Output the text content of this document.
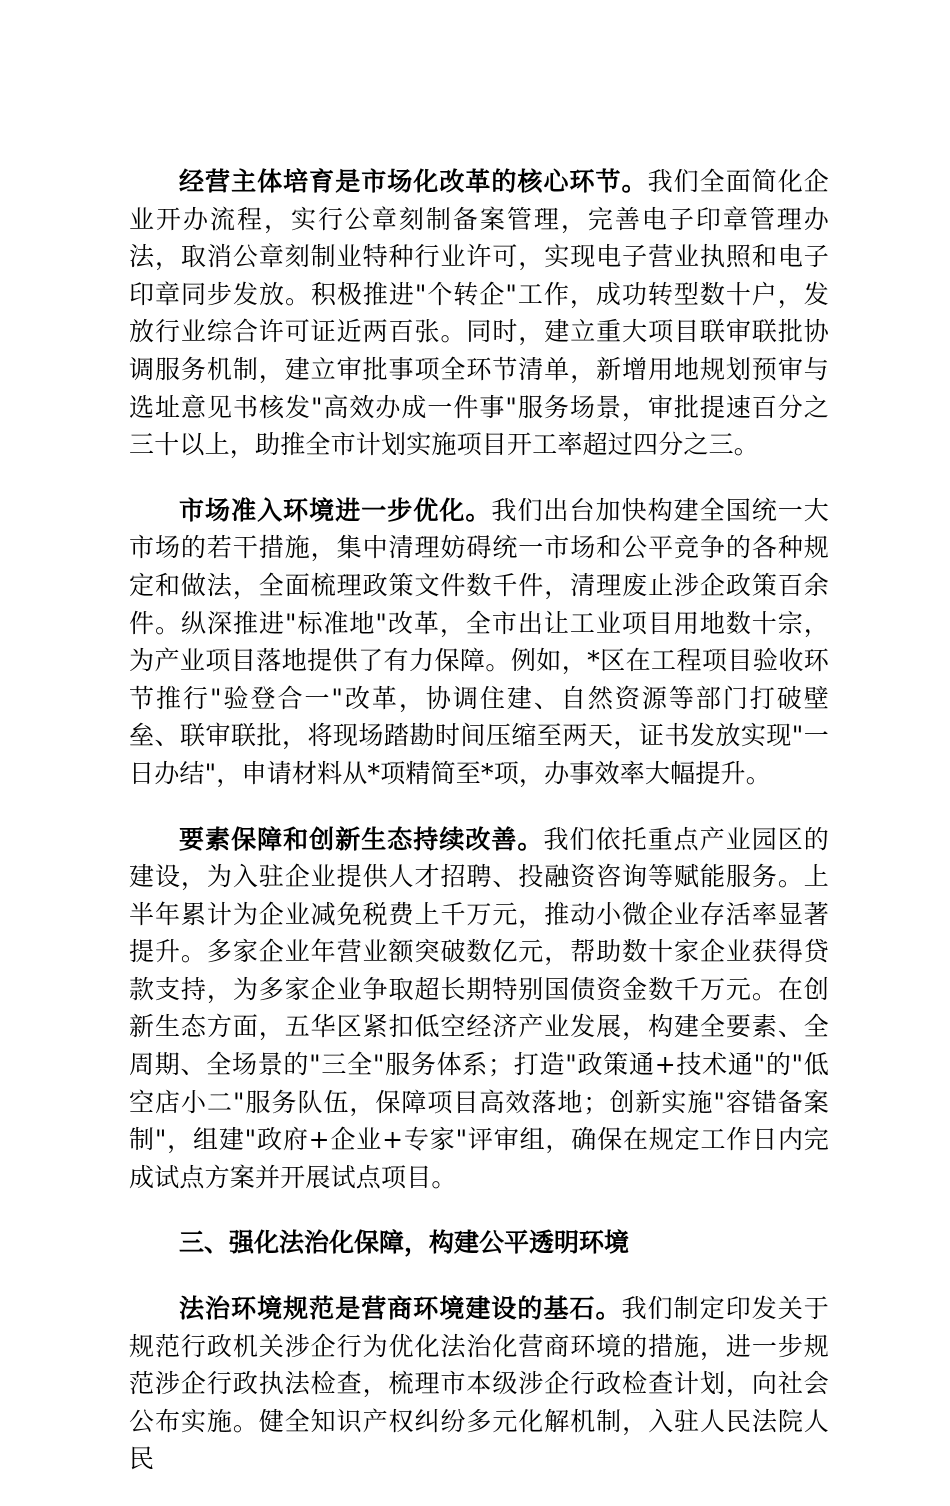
经营主体培育是市场化改革的核心环节。我们全面简化企业开办流程，实行公章刻制备案管理，完善电子印章管理办法，取消公章刻制业特种行业许可，实现电子营业执照和电子印章同步发放。积极推进"个转企"工作，成功转型数十户，发放行业综合许可证近两百张。同时，建立重大项目联审联批协调服务机制，建立审批事项全环节清单，新增用地规划预审与选址意见书核发"高效办成一件事"服务场景，审批提速百分之三十以上，助推全市计划实施项目开工率超过四分之三。

市场准入环境进一步优化。我们出台加快构建全国统一大市场的若干措施，集中清理妨碍统一市场和公平竞争的各种规定和做法，全面梳理政策文件数千件，清理废止涉企政策百余件。纵深推进"标准地"改革，全市出让工业项目用地数十宗，为产业项目落地提供了有力保障。例如，*区在工程项目验收环节推行"验登合一"改革，协调住建、自然资源等部门打破壁垒、联审联批，将现场踏勘时间压缩至两天，证书发放实现"一日办结"，申请材料从*项精简至*项，办事效率大幅提升。

要素保障和创新生态持续改善。我们依托重点产业园区的建设，为入驻企业提供人才招聘、投融资咨询等赋能服务。上半年累计为企业减免税费上千万元，推动小微企业存活率显著提升。多家企业年营业额突破数亿元，帮助数十家企业获得贷款支持，为多家企业争取超长期特别国债资金数千万元。在创新生态方面，五华区紧扣低空经济产业发展，构建全要素、全周期、全场景的"三全"服务体系；打造"政策通+技术通"的"低空店小二"服务队伍，保障项目高效落地；创新实施"容错备案制"，组建"政府+企业+专家"评审组，确保在规定工作日内完成试点方案并开展试点项目。

三、强化法治化保障，构建公平透明环境

法治环境规范是营商环境建设的基石。我们制定印发关于规范行政机关涉企行为优化法治化营商环境的措施，进一步规范涉企行政执法检查，梳理市本级涉企行政检查计划，向社会公布实施。健全知识产权纠纷多元化解机制，入驻人民法院人民
